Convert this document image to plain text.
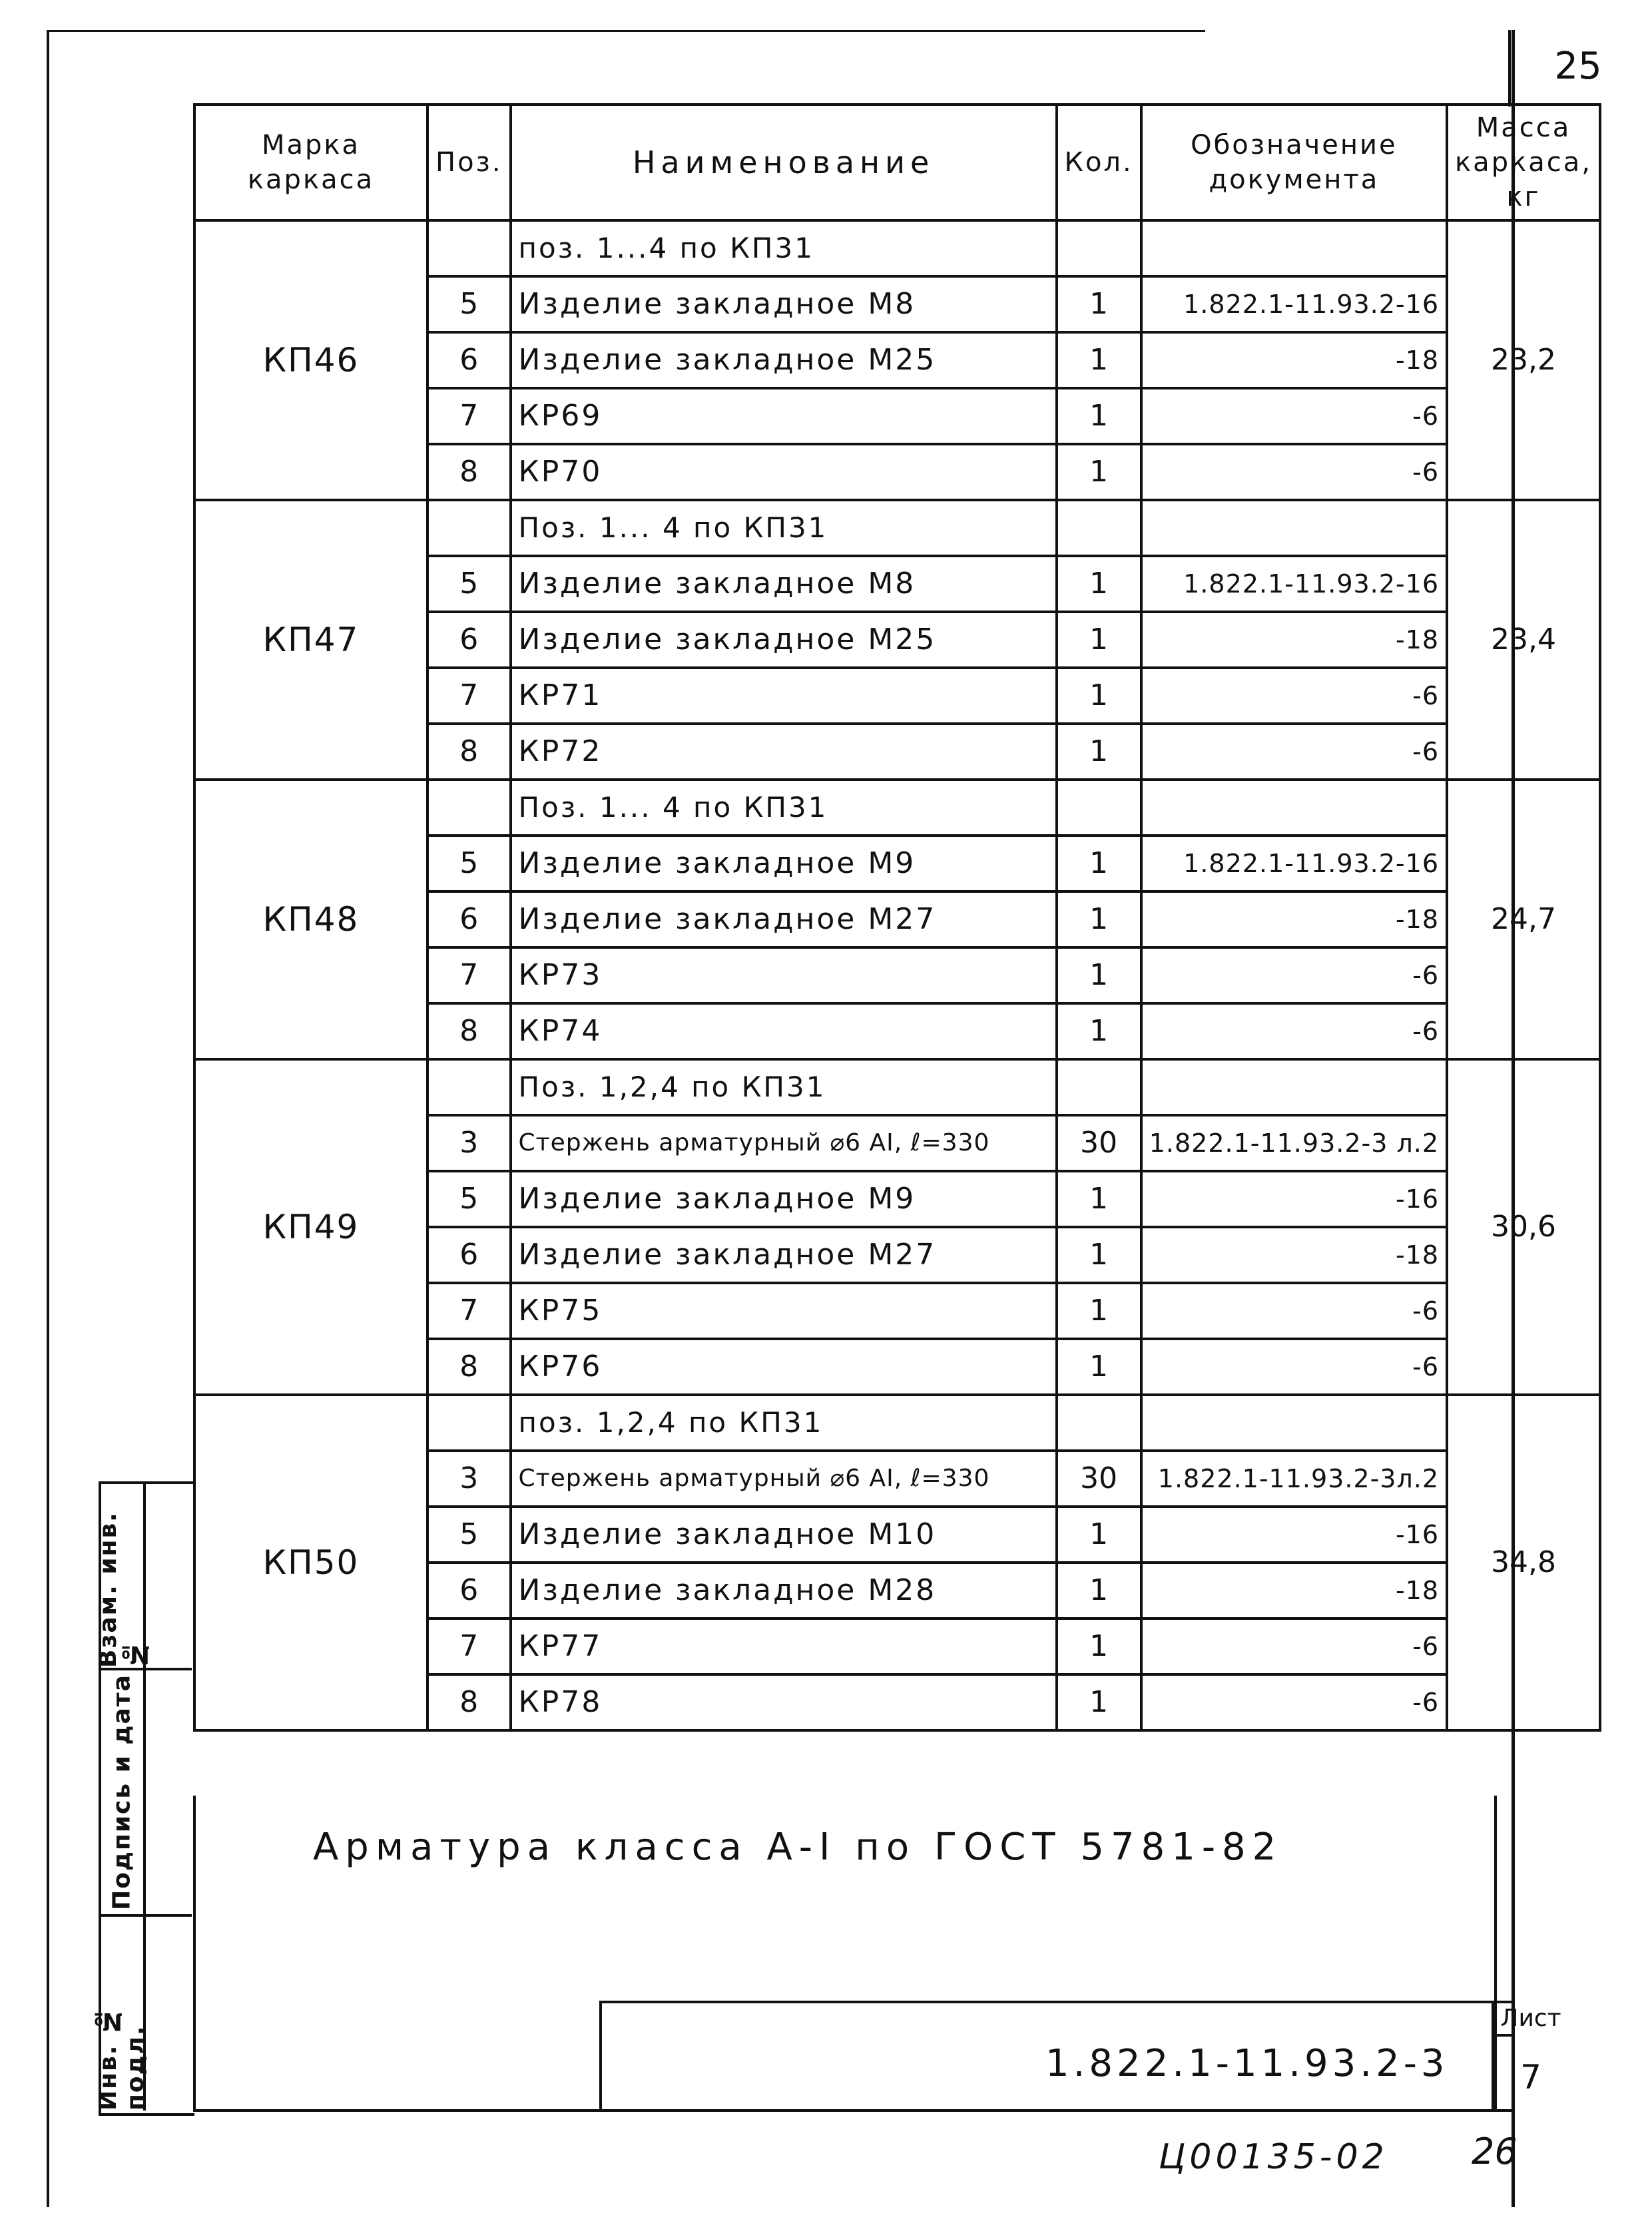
25
Марка каркаса	Поз.	Наименование	Кол.	Обозначение документа	Масса каркаса, кг
КП46		поз. 1...4 по КП31			23,2
	5	Изделие закладное М8	1	1.822.1-11.93.2-16	
	6	Изделие закладное М25	1	-18	
	7	КР69	1	-6	
	8	КР70	1	-6	
КП47		Поз. 1... 4 по КП31			23,4
	5	Изделие закладное М8	1	1.822.1-11.93.2-16	
	6	Изделие закладное М25	1	-18	
	7	КР71	1	-6	
	8	КР72	1	-6	
КП48		Поз. 1... 4 по КП31			24,7
	5	Изделие закладное М9	1	1.822.1-11.93.2-16	
	6	Изделие закладное М27	1	-18	
	7	КР73	1	-6	
	8	КР74	1	-6	
КП49		Поз. 1,2,4 по КП31			30,6
	3	Стержень арматурный ⌀6 АI, ℓ=330	30	1.822.1-11.93.2-3 л.2	
	5	Изделие закладное М9	1	-16	
	6	Изделие закладное М27	1	-18	
	7	КР75	1	-6	
	8	КР76	1	-6	
КП50		поз. 1,2,4 по КП31			34,8
	3	Стержень арматурный ⌀6 АI, ℓ=330	30	1.822.1-11.93.2-3л.2	
	5	Изделие закладное М10	1	-16	
	6	Изделие закладное М28	1	-18	
	7	КР77	1	-6	
	8	КР78	1	-6	
Арматура класса А-I по ГОСТ 5781-82
1.822.1-11.93.2-3
Лист
7
Взам. инв. №
Подпись и дата
Инв. № подл.
Ц00135-02 26
